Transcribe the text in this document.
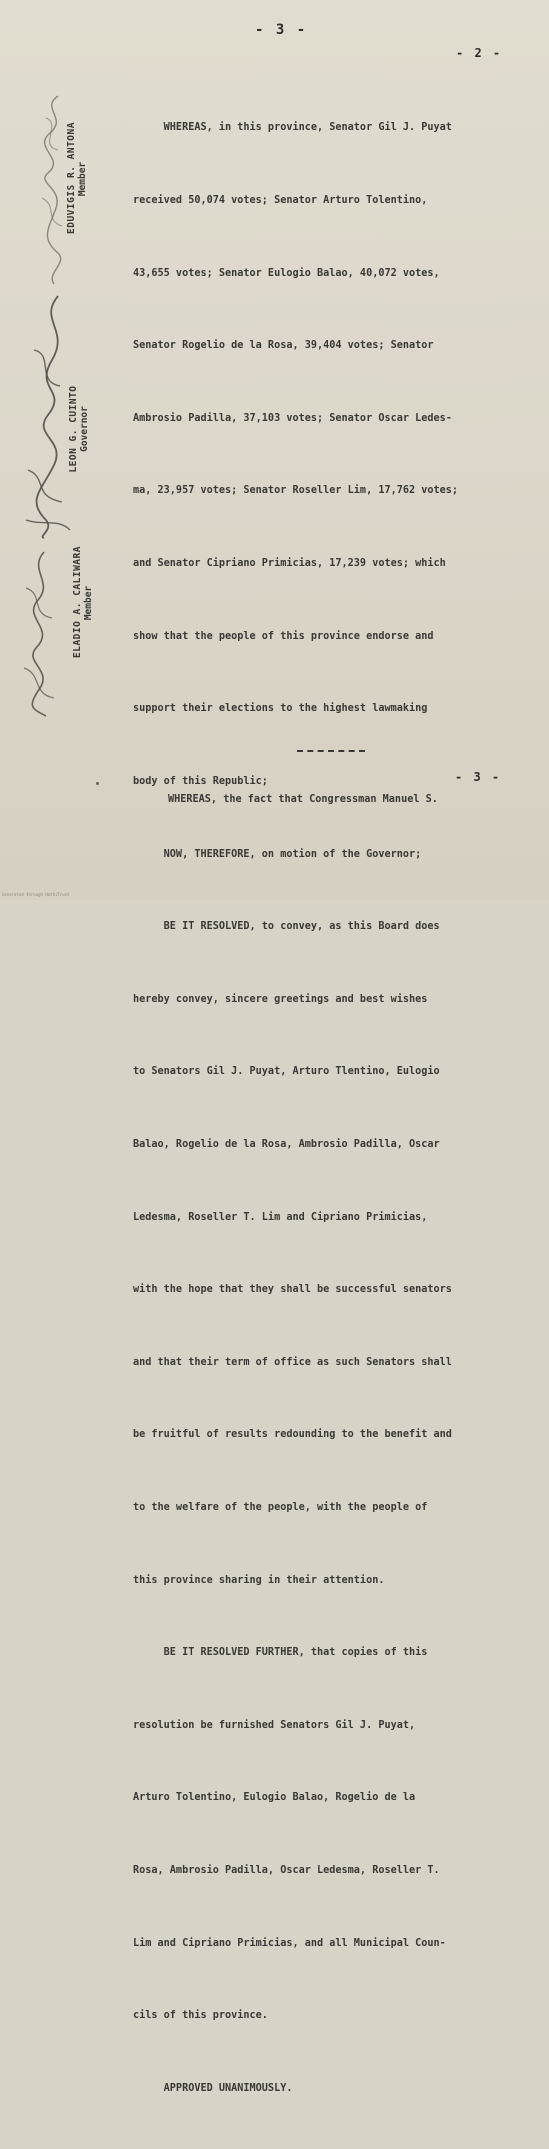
- 3 -
- 2 -

WHEREAS, in this province, Senator Gil J. Puyat

received 50,074 votes; Senator Arturo Tolentino,

43,655 votes; Senator Eulogio Balao, 40,072 votes,

Senator Rogelio de la Rosa, 39,404 votes; Senator

Ambrosio Padilla, 37,103 votes; Senator Oscar Ledes-

ma, 23,957 votes; Senator Roseller Lim, 17,762 votes;

and Senator Cipriano Primicias, 17,239 votes; which

show that the people of this province endorse and

support their elections to the highest lawmaking

body of this Republic;

NOW, THEREFORE, on motion of the Governor;

BE IT RESOLVED, to convey, as this Board does

hereby convey, sincere greetings and best wishes

to Senators Gil J. Puyat, Arturo Tlentino, Eulogio

Balao, Rogelio de la Rosa, Ambrosio Padilla, Oscar

Ledesma, Roseller T. Lim and Cipriano Primicias,

with the hope that they shall be successful senators

and that their term of office as such Senators shall

be fruitful of results redounding to the benefit and

to the welfare of the people, with the people of

this province sharing in their attention.

BE IT RESOLVED FURTHER, that copies of this

resolution be furnished Senators Gil J. Puyat,

Arturo Tolentino, Eulogio Balao, Rogelio de la

Rosa, Ambrosio Padilla, Oscar Ledesma, Roseller T.

Lim and Cipriano Primicias, and all Municipal Coun-

cils of this province.

APPROVED UNANIMOUSLY.

- 3 -
WHEREAS, the fact that Congressman Manuel S.
EDUVIGIS R. ANTONA Member
LEON G. CUINTO Governor
ELADIO A. CALIWARA Member
Generated through HathiTrust
